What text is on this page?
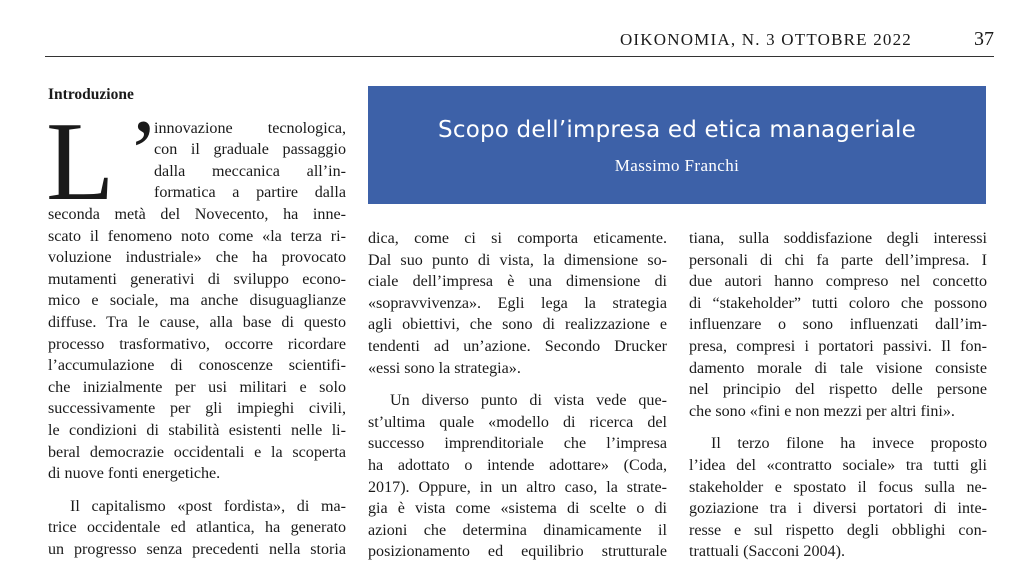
OIKONOMIA, N. 3 OTTOBRE 2022	37
Introduzione
L ’
innovazione tecnologica,
con il graduale passaggio
dalla meccanica all’in-
formatica a partire dalla
seconda metà del Novecento, ha inne-
scato il fenomeno noto come «la terza ri-
voluzione industriale» che ha provocato
mutamenti generativi di sviluppo econo-
mico e sociale, ma anche disuguaglianze
diffuse. Tra le cause, alla base di questo
processo trasformativo, occorre ricordare
l’accumulazione di conoscenze scientifi-
che inizialmente per usi militari e solo
successivamente per gli impieghi civili,
le condizioni di stabilità esistenti nelle li-
beral democrazie occidentali e la scoperta
di nuove fonti energetiche.
Il capitalismo «post fordista», di ma-
trice occidentale ed atlantica, ha generato
un progresso senza precedenti nella storia
Scopo dell’impresa ed etica manageriale
Massimo Franchi
dica, come ci si comporta eticamente.
Dal suo punto di vista, la dimensione so-
ciale dell’impresa è una dimensione di
«sopravvivenza». Egli lega la strategia
agli obiettivi, che sono di realizzazione e
tendenti ad un’azione. Secondo Drucker
«essi sono la strategia».
Un diverso punto di vista vede que-
st’ultima quale «modello di ricerca del
successo imprenditoriale che l’impresa
ha adottato o intende adottare» (Coda,
2017). Oppure, in un altro caso, la strate-
gia è vista come «sistema di scelte o di
azioni che determina dinamicamente il
posizionamento ed equilibrio strutturale
tiana, sulla soddisfazione degli interessi
personali di chi fa parte dell’impresa. I
due autori hanno compreso nel concetto
di “stakeholder” tutti coloro che possono
influenzare o sono influenzati dall’im-
presa, compresi i portatori passivi. Il fon-
damento morale di tale visione consiste
nel principio del rispetto delle persone
che sono «fini e non mezzi per altri fini».
Il terzo filone ha invece proposto
l’idea del «contratto sociale» tra tutti gli
stakeholder e spostato il focus sulla ne-
goziazione tra i diversi portatori di inte-
resse e sul rispetto degli obblighi con-
trattuali (Sacconi 2004).
